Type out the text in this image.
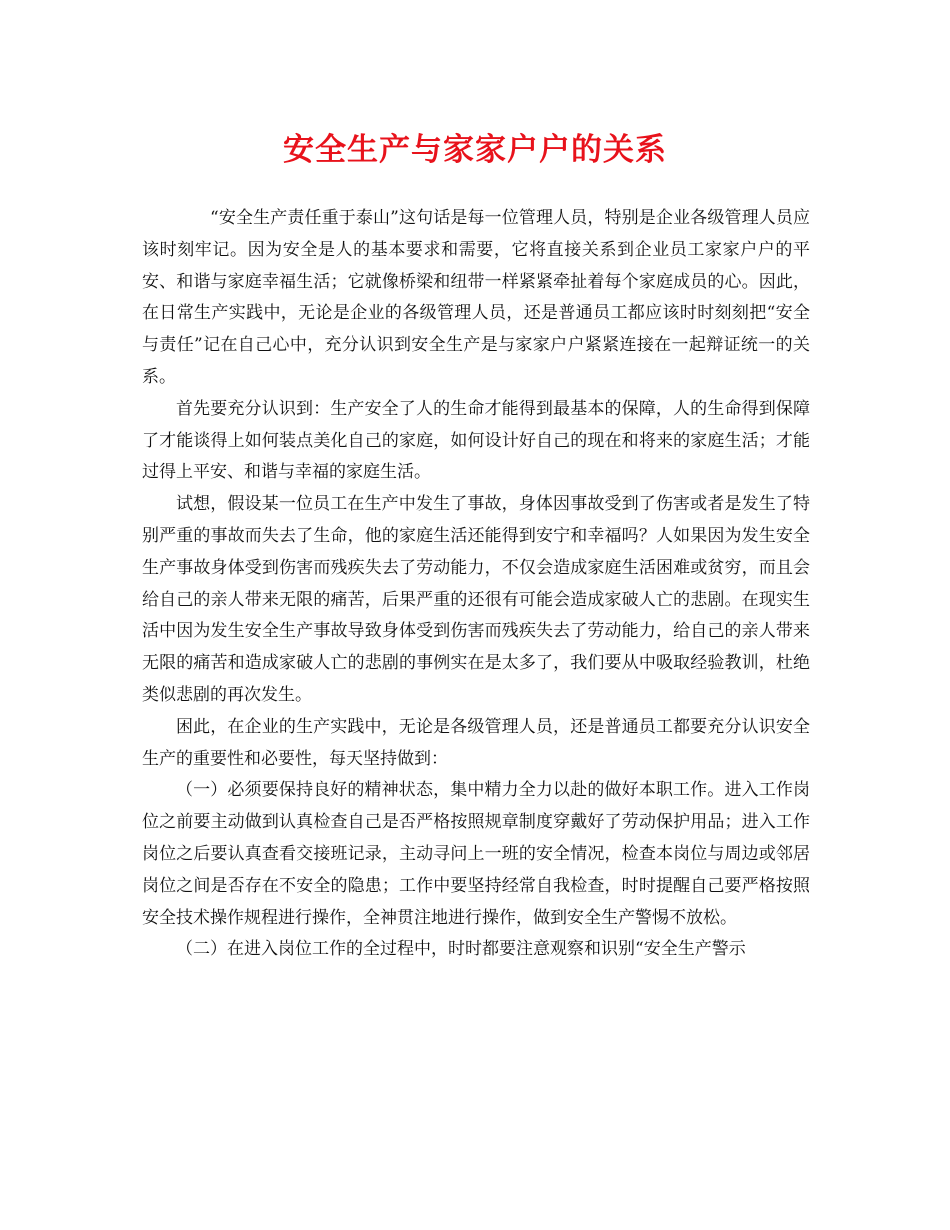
安全生产与家家户户的关系

“安全生产责任重于泰山”这句话是每一位管理人员，特别是企业各级管理人员应该时刻牢记。因为安全是人的基本要求和需要，它将直接关系到企业员工家家户户的平安、和谐与家庭幸福生活；它就像桥梁和纽带一样紧紧牵扯着每个家庭成员的心。因此，在日常生产实践中，无论是企业的各级管理人员，还是普通员工都应该时时刻刻把“安全与责任”记在自己心中，充分认识到安全生产是与家家户户紧紧连接在一起辩证统一的关系。

首先要充分认识到：生产安全了人的生命才能得到最基本的保障，人的生命得到保障了才能谈得上如何装点美化自己的家庭，如何设计好自己的现在和将来的家庭生活；才能过得上平安、和谐与幸福的家庭生活。

试想，假设某一位员工在生产中发生了事故，身体因事故受到了伤害或者是发生了特别严重的事故而失去了生命，他的家庭生活还能得到安宁和幸福吗？人如果因为发生安全生产事故身体受到伤害而残疾失去了劳动能力，不仅会造成家庭生活困难或贫穷，而且会给自己的亲人带来无限的痛苦，后果严重的还很有可能会造成家破人亡的悲剧。在现实生活中因为发生安全生产事故导致身体受到伤害而残疾失去了劳动能力，给自己的亲人带来无限的痛苦和造成家破人亡的悲剧的事例实在是太多了，我们要从中吸取经验教训，杜绝类似悲剧的再次发生。

困此，在企业的生产实践中，无论是各级管理人员，还是普通员工都要充分认识安全生产的重要性和必要性，每天坚持做到：

（一）必须要保持良好的精神状态，集中精力全力以赴的做好本职工作。进入工作岗位之前要主动做到认真检查自己是否严格按照规章制度穿戴好了劳动保护用品；进入工作岗位之后要认真查看交接班记录，主动寻问上一班的安全情况，检查本岗位与周边或邻居岗位之间是否存在不安全的隐患；工作中要坚持经常自我检查，时时提醒自己要严格按照安全技术操作规程进行操作，全神贯注地进行操作，做到安全生产警惕不放松。

（二）在进入岗位工作的全过程中，时时都要注意观察和识别“安全生产警示
